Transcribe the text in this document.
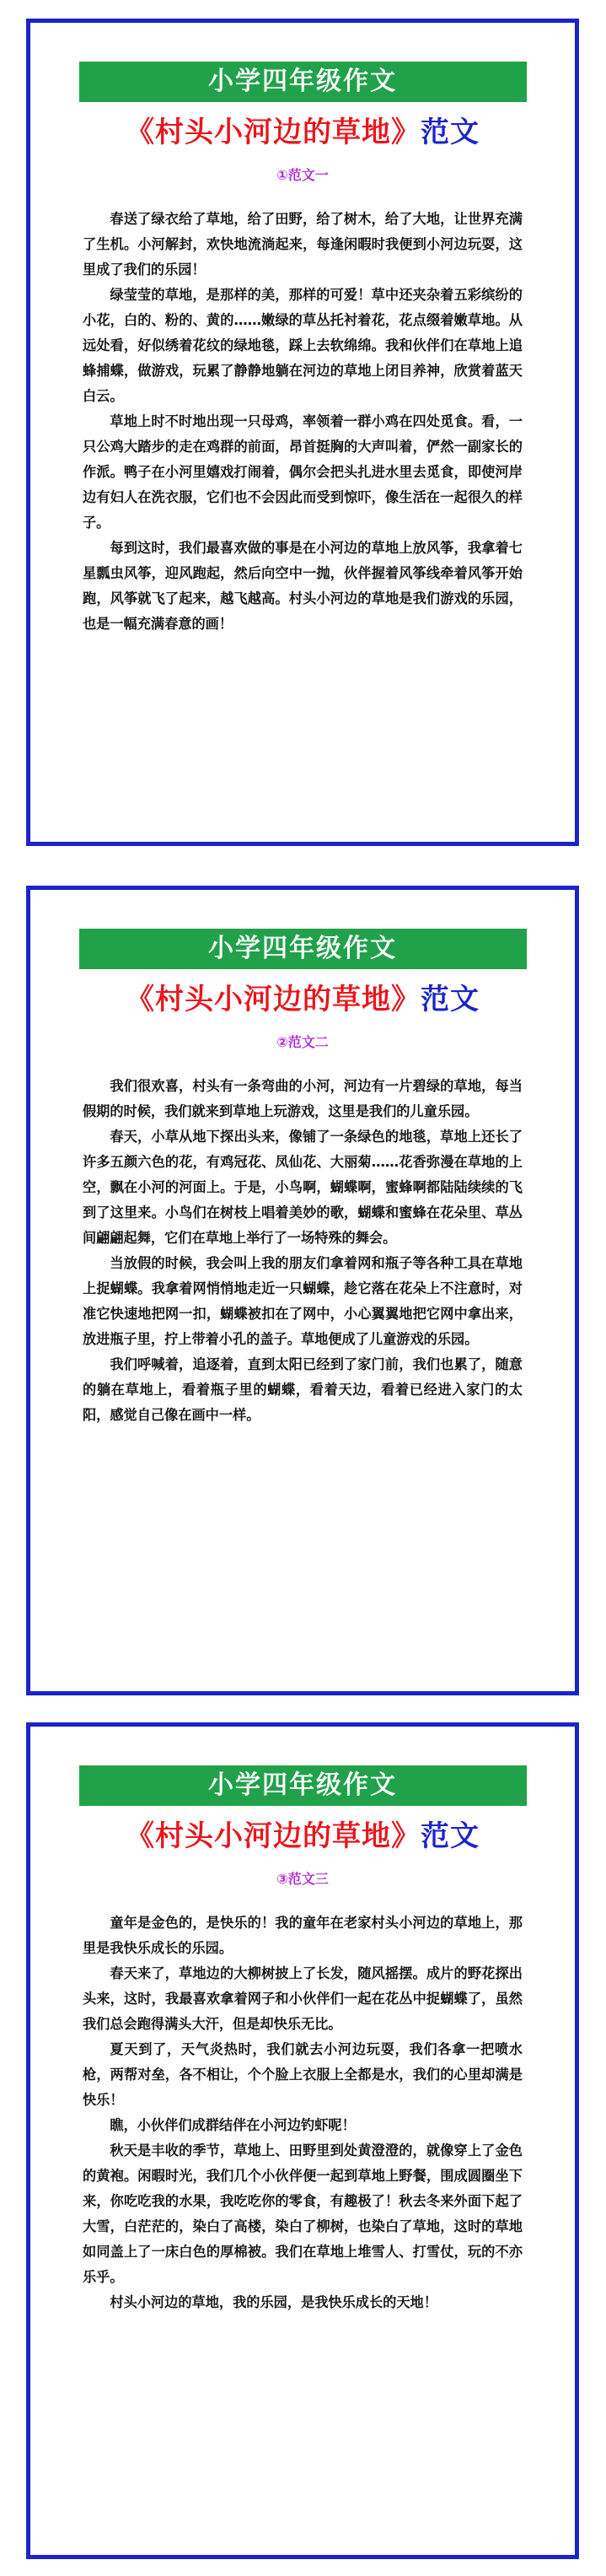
小学四年级作文
《村头小河边的草地》范文
①范文一

春送了绿衣给了草地，给了田野，给了树木，给了大地，让世界充满了生机。小河解封，欢快地流淌起来，每逢闲暇时我便到小河边玩耍，这里成了我们的乐园！

绿莹莹的草地，是那样的美，那样的可爱！草中还夹杂着五彩缤纷的小花，白的、粉的、黄的……嫩绿的草丛托衬着花，花点缀着嫩草地。从远处看，好似绣着花纹的绿地毯，踩上去软绵绵。我和伙伴们在草地上追蜂捕蝶，做游戏，玩累了静静地躺在河边的草地上闭目养神，欣赏着蓝天白云。

草地上时不时地出现一只母鸡，率领着一群小鸡在四处觅食。看，一只公鸡大踏步的走在鸡群的前面，昂首挺胸的大声叫着，俨然一副家长的作派。鸭子在小河里嬉戏打闹着，偶尔会把头扎进水里去觅食，即使河岸边有妇人在洗衣服，它们也不会因此而受到惊吓，像生活在一起很久的样子。

每到这时，我们最喜欢做的事是在小河边的草地上放风筝，我拿着七星瓢虫风筝，迎风跑起，然后向空中一抛，伙伴握着风筝线牵着风筝开始跑，风筝就飞了起来，越飞越高。村头小河边的草地是我们游戏的乐园，也是一幅充满春意的画！

小学四年级作文
《村头小河边的草地》范文
②范文二

我们很欢喜，村头有一条弯曲的小河，河边有一片碧绿的草地，每当假期的时候，我们就来到草地上玩游戏，这里是我们的儿童乐园。

春天，小草从地下探出头来，像铺了一条绿色的地毯，草地上还长了许多五颜六色的花，有鸡冠花、凤仙花、大丽菊……花香弥漫在草地的上空，飘在小河的河面上。于是，小鸟啊，蝴蝶啊，蜜蜂啊都陆陆续续的飞到了这里来。小鸟们在树枝上唱着美妙的歌，蝴蝶和蜜蜂在花朵里、草丛间翩翩起舞，它们在草地上举行了一场特殊的舞会。

当放假的时候，我会叫上我的朋友们拿着网和瓶子等各种工具在草地上捉蝴蝶。我拿着网悄悄地走近一只蝴蝶，趁它落在花朵上不注意时，对准它快速地把网一扣，蝴蝶被扣在了网中，小心翼翼地把它网中拿出来，放进瓶子里，拧上带着小孔的盖子。草地便成了儿童游戏的乐园。

我们呼喊着，追逐着，直到太阳已经到了家门前，我们也累了，随意的躺在草地上，看着瓶子里的蝴蝶，看着天边，看着已经进入家门的太阳，感觉自己像在画中一样。

小学四年级作文
《村头小河边的草地》范文
③范文三

童年是金色的，是快乐的！我的童年在老家村头小河边的草地上，那里是我快乐成长的乐园。

春天来了，草地边的大柳树披上了长发，随风摇摆。成片的野花探出头来，这时，我最喜欢拿着网子和小伙伴们一起在花丛中捉蝴蝶了，虽然我们总会跑得满头大汗，但是却快乐无比。

夏天到了，天气炎热时，我们就去小河边玩耍，我们各拿一把喷水枪，两帮对垒，各不相让，个个脸上衣服上全都是水，我们的心里却满是快乐！

瞧，小伙伴们成群结伴在小河边钓虾呢！

秋天是丰收的季节，草地上、田野里到处黄澄澄的，就像穿上了金色的黄袍。闲暇时光，我们几个小伙伴便一起到草地上野餐，围成圆圈坐下来，你吃吃我的水果，我吃吃你的零食，有趣极了！秋去冬来外面下起了大雪，白茫茫的，染白了高楼，染白了柳树，也染白了草地，这时的草地如同盖上了一床白色的厚棉被。我们在草地上堆雪人、打雪仗，玩的不亦乐乎。

村头小河边的草地，我的乐园，是我快乐成长的天地！
